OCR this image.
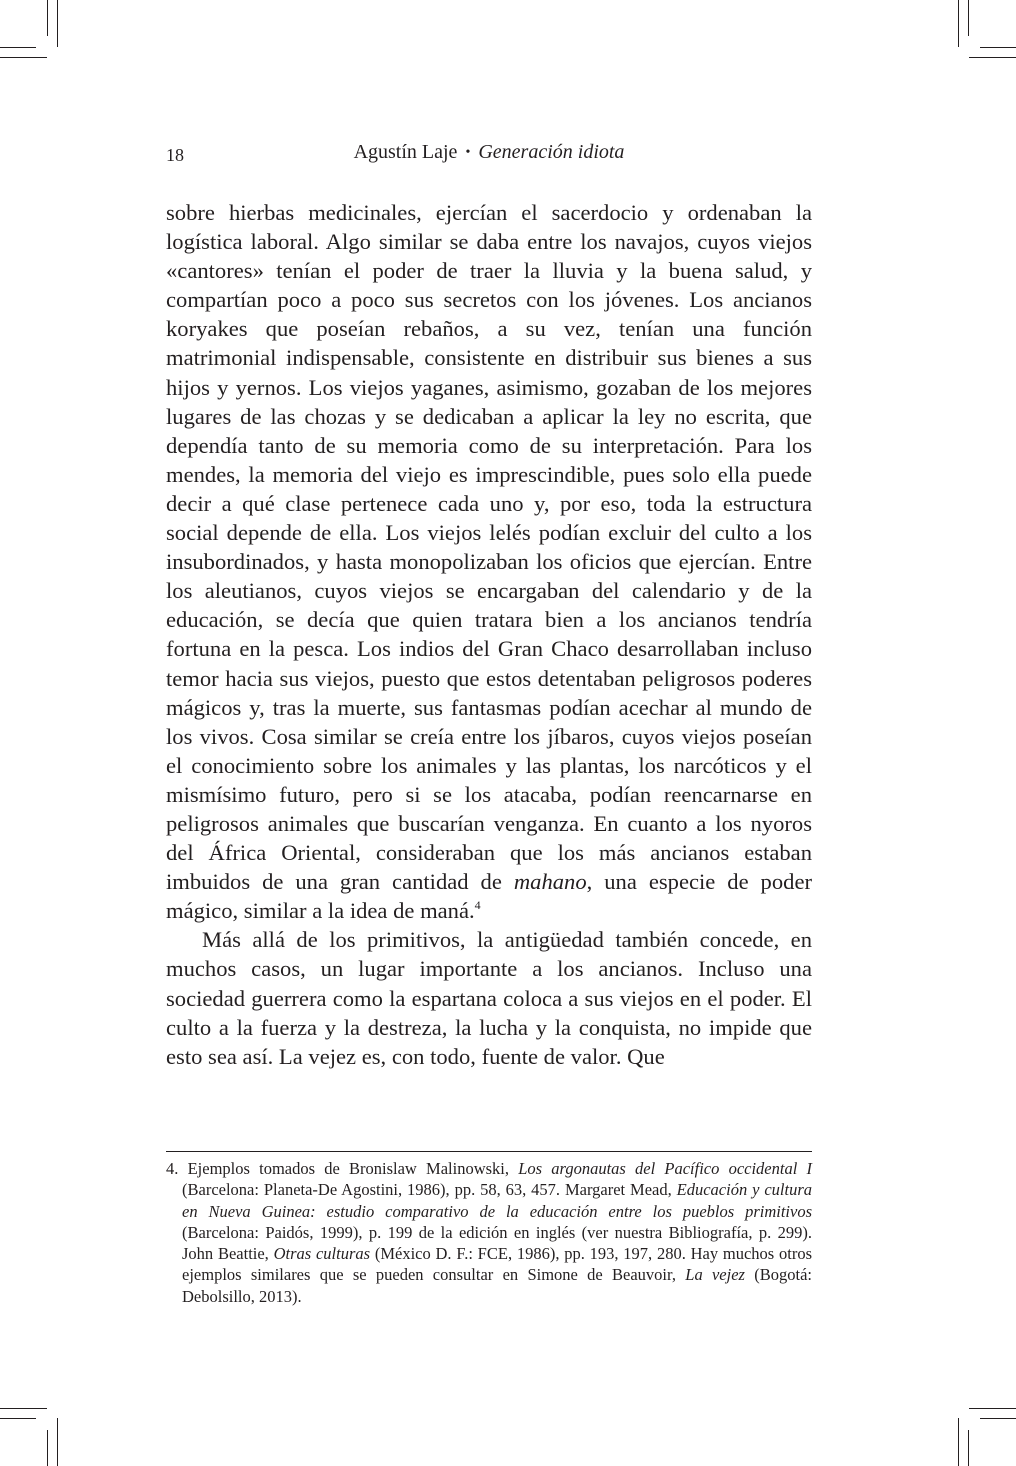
18	Agustín Laje • Generación idiota

sobre hierbas medicinales, ejercían el sacerdocio y ordenaban la logística laboral. Algo similar se daba entre los navajos, cuyos viejos «cantores» tenían el poder de traer la lluvia y la buena salud, y compartían poco a poco sus secretos con los jóvenes. Los ancianos koryakes que poseían rebaños, a su vez, tenían una función matrimonial indispensable, consistente en distribuir sus bienes a sus hijos y yernos. Los viejos yaganes, asimismo, gozaban de los mejores lugares de las chozas y se dedicaban a aplicar la ley no escrita, que dependía tanto de su memoria como de su interpretación. Para los mendes, la memoria del viejo es imprescindible, pues solo ella puede decir a qué clase pertenece cada uno y, por eso, toda la estructura social depende de ella. Los viejos lelés podían excluir del culto a los insubordinados, y hasta monopolizaban los oficios que ejercían. Entre los aleutianos, cuyos viejos se encargaban del calendario y de la educación, se decía que quien tratara bien a los ancianos tendría fortuna en la pesca. Los indios del Gran Chaco desarrollaban incluso temor hacia sus viejos, puesto que estos detentaban peligrosos poderes mágicos y, tras la muerte, sus fantasmas podían acechar al mundo de los vivos. Cosa similar se creía entre los jíbaros, cuyos viejos poseían el conocimiento sobre los animales y las plantas, los narcóticos y el mismísimo futuro, pero si se los atacaba, podían reencarnarse en peligrosos animales que buscarían venganza. En cuanto a los nyoros del África Oriental, consideraban que los más ancianos estaban imbuidos de una gran cantidad de mahano, una especie de poder mágico, similar a la idea de maná.$^4$

Más allá de los primitivos, la antigüedad también concede, en muchos casos, un lugar importante a los ancianos. Incluso una sociedad guerrera como la espartana coloca a sus viejos en el poder. El culto a la fuerza y la destreza, la lucha y la conquista, no impide que esto sea así. La vejez es, con todo, fuente de valor. Que

4. Ejemplos tomados de Bronislaw Malinowski, Los argonautas del Pacífico occidental I (Barcelona: Planeta-De Agostini, 1986), pp. 58, 63, 457. Margaret Mead, Educación y cultura en Nueva Guinea: estudio comparativo de la educación entre los pueblos primitivos (Barcelona: Paidós, 1999), p. 199 de la edición en inglés (ver nuestra Bibliografía, p. 299). John Beattie, Otras culturas (México D. F.: FCE, 1986), pp. 193, 197, 280. Hay muchos otros ejemplos similares que se pueden consultar en Simone de Beauvoir, La vejez (Bogotá: Debolsillo, 2013).
